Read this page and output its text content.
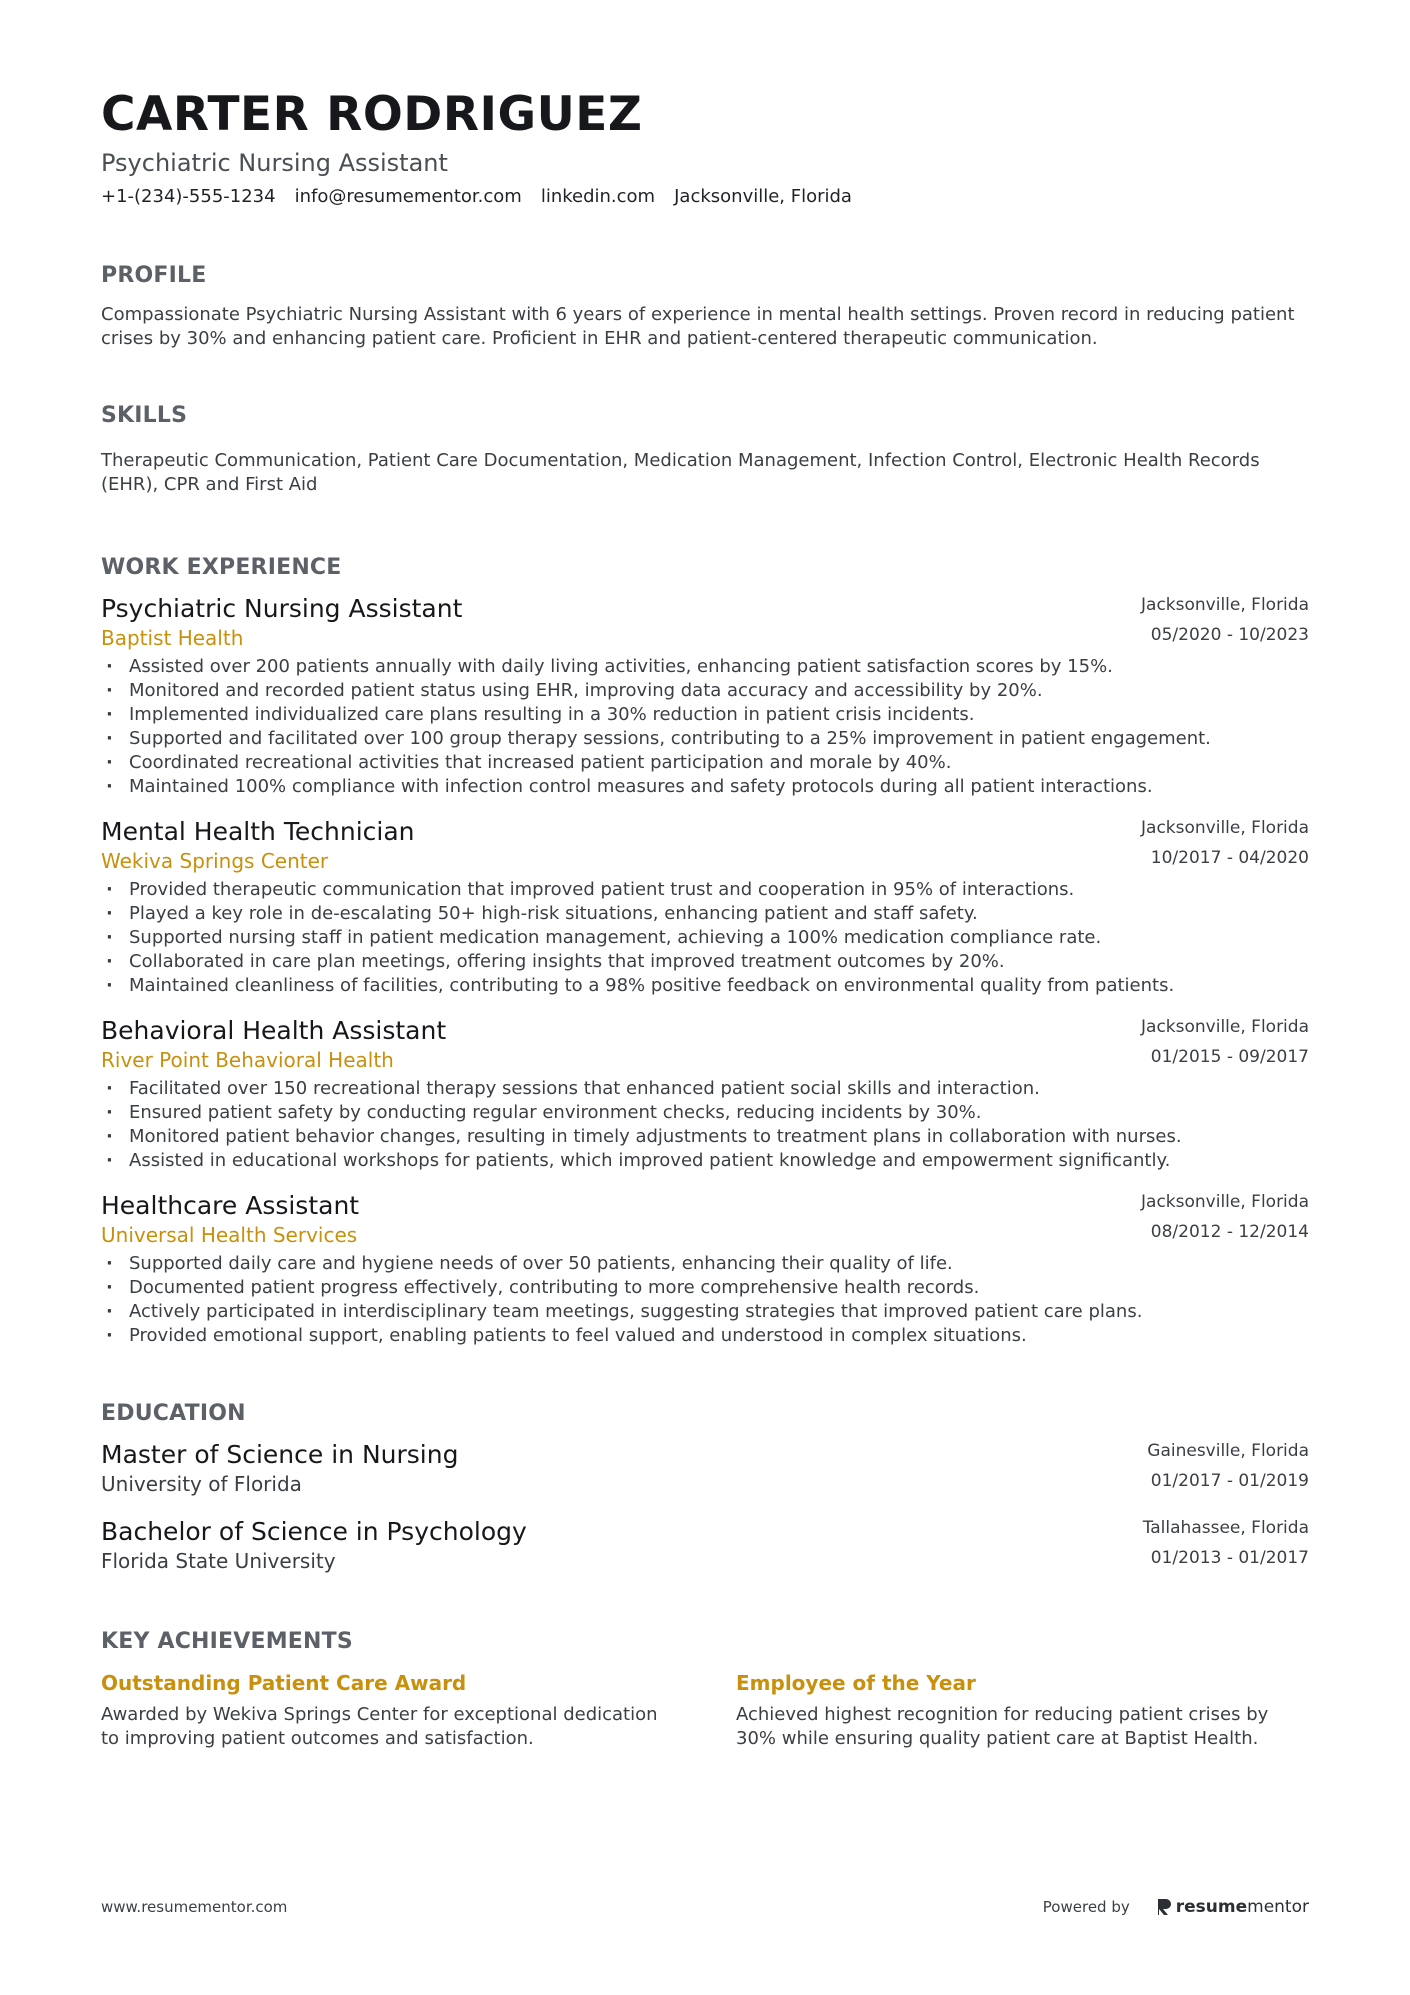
CARTER RODRIGUEZ
Psychiatric Nursing Assistant
+1-(234)-555-1234 info@resumementor.com linkedin.com Jacksonville, Florida
PROFILE

Compassionate Psychiatric Nursing Assistant with 6 years of experience in mental health settings. Proven record in reducing patient crises by 30% and enhancing patient care. Proficient in EHR and patient-centered therapeutic communication.

SKILLS

Therapeutic Communication, Patient Care Documentation, Medication Management, Infection Control, Electronic Health Records (EHR), CPR and First Aid

WORK EXPERIENCE
Psychiatric Nursing Assistant
Baptist Health
Jacksonville, Florida
05/2020 - 10/2023
· Assisted over 200 patients annually with daily living activities, enhancing patient satisfaction scores by 15%.
· Monitored and recorded patient status using EHR, improving data accuracy and accessibility by 20%.
· Implemented individualized care plans resulting in a 30% reduction in patient crisis incidents.
· Supported and facilitated over 100 group therapy sessions, contributing to a 25% improvement in patient engagement.
· Coordinated recreational activities that increased patient participation and morale by 40%.
· Maintained 100% compliance with infection control measures and safety protocols during all patient interactions.
Mental Health Technician
Wekiva Springs Center
Jacksonville, Florida
10/2017 - 04/2020
· Provided therapeutic communication that improved patient trust and cooperation in 95% of interactions.
· Played a key role in de-escalating 50+ high-risk situations, enhancing patient and staff safety.
· Supported nursing staff in patient medication management, achieving a 100% medication compliance rate.
· Collaborated in care plan meetings, offering insights that improved treatment outcomes by 20%.
· Maintained cleanliness of facilities, contributing to a 98% positive feedback on environmental quality from patients.
Behavioral Health Assistant
River Point Behavioral Health
Jacksonville, Florida
01/2015 - 09/2017
· Facilitated over 150 recreational therapy sessions that enhanced patient social skills and interaction.
· Ensured patient safety by conducting regular environment checks, reducing incidents by 30%.
· Monitored patient behavior changes, resulting in timely adjustments to treatment plans in collaboration with nurses.
· Assisted in educational workshops for patients, which improved patient knowledge and empowerment significantly.
Healthcare Assistant
Universal Health Services
Jacksonville, Florida
08/2012 - 12/2014
· Supported daily care and hygiene needs of over 50 patients, enhancing their quality of life.
· Documented patient progress effectively, contributing to more comprehensive health records.
· Actively participated in interdisciplinary team meetings, suggesting strategies that improved patient care plans.
· Provided emotional support, enabling patients to feel valued and understood in complex situations.
EDUCATION
Master of Science in Nursing
University of Florida
Gainesville, Florida
01/2017 - 01/2019
Bachelor of Science in Psychology
Florida State University
Tallahassee, Florida
01/2013 - 01/2017
KEY ACHIEVEMENTS
Outstanding Patient Care Award
Awarded by Wekiva Springs Center for exceptional dedication to improving patient outcomes and satisfaction.
Employee of the Year
Achieved highest recognition for reducing patient crises by 30% while ensuring quality patient care at Baptist Health.
www.resumementor.com	Powered by	resume mentor
